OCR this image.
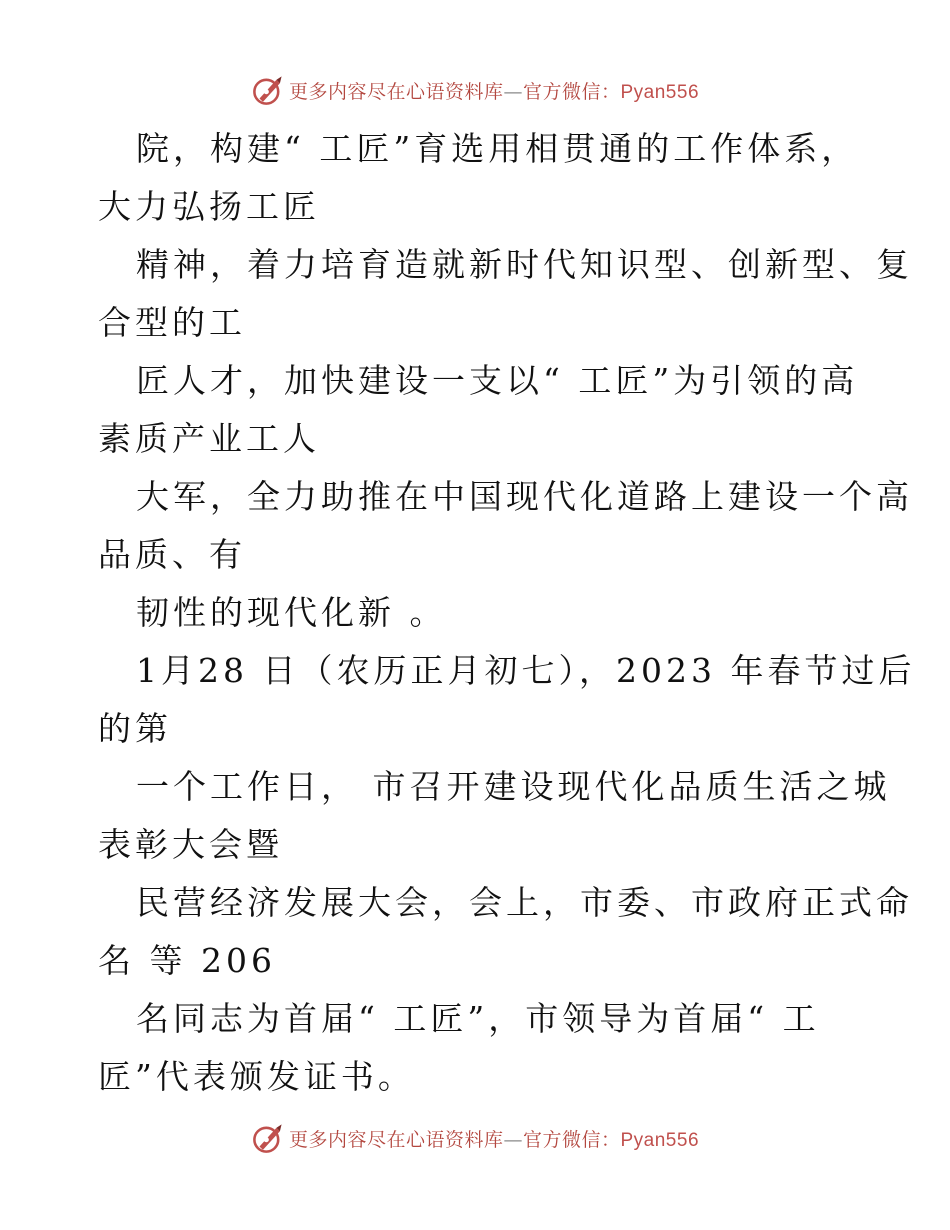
更多内容尽在心语资料库—官方微信：Pyan556
院，构建“ 工匠”育选用相贯通的工作体系，
大力弘扬工匠
精神，着力培育造就新时代知识型、创新型、复
合型的工
匠人才，加快建设一支以“ 工匠”为引领的高
素质产业工人
大军，全力助推在中国现代化道路上建设一个高
品质、有
韧性的现代化新 。
1月28 日（农历正月初七），2023 年春节过后
的第
一个工作日， 市召开建设现代化品质生活之城
表彰大会暨
民营经济发展大会，会上，市委、市政府正式命
名 等 206
名同志为首届“ 工匠”，市领导为首届“ 工
匠”代表颁发证书。
更多内容尽在心语资料库—官方微信：Pyan556
